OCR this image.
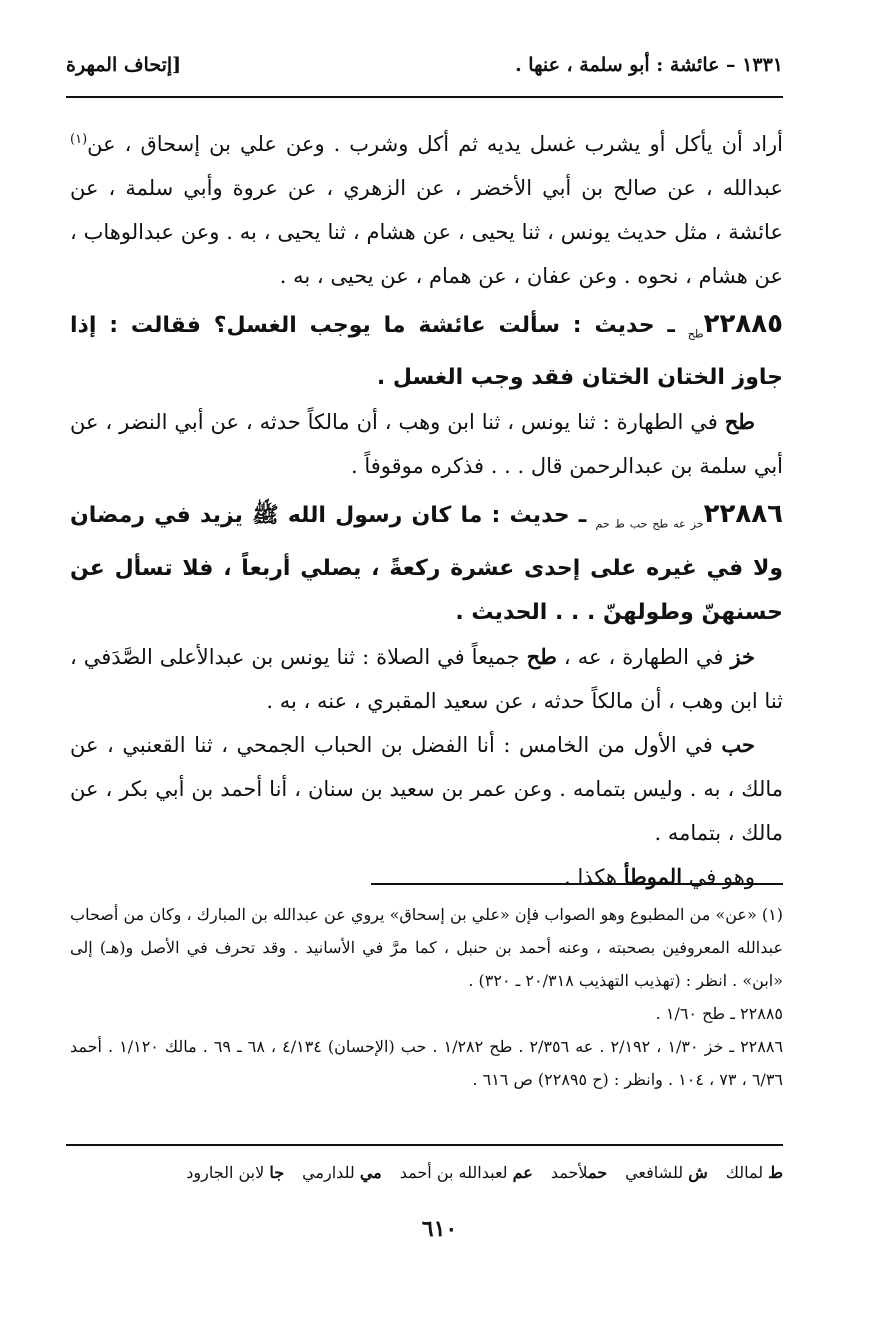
١٣٣١ – عائشة : أبو سلمة ، عنها .
[إتحاف المهرة

أراد أن يأكل أو يشرب غسل يديه ثم أكل وشرب . وعن علي بن إسحاق ، عن$^{(١)}$ عبدالله ، عن صالح بن أبي الأخضر ، عن الزهري ، عن عروة وأبي سلمة ، عن عائشة ، مثل حديث يونس ، ثنا يحيى ، عن هشام ، ثنا يحيى ، به . وعن عبدالوهاب ، عن هشام ، نحوه . وعن عفان ، عن همام ، عن يحيى ، به .

$٢٢٨٨٥_{طح}$ ـ حديث : سألت عائشة ما يوجب الغسل؟ فقالت : إذا جاوز الختان الختان فقد وجب الغسل .

طح في الطهارة : ثنا يونس ، ثنا ابن وهب ، أن مالكاً حدثه ، عن أبي النضر ، عن أبي سلمة بن عبدالرحمن قال . . . فذكره موقوفاً .

$٢٢٨٨٦_{خز عه طح حب ط حم}$ ـ حديث : ما كان رسول الله ﷺ يزيد في رمضان ولا في غيره على إحدى عشرة ركعةً ، يصلي أربعاً ، فلا تسأل عن حسنهنّ وطولهنّ . . . الحديث .

خز في الطهارة ، عه ، طح جميعاً في الصلاة : ثنا يونس بن عبدالأعلى الصَّدَفي ، ثنا ابن وهب ، أن مالكاً حدثه ، عن سعيد المقبري ، عنه ، به .

حب في الأول من الخامس : أنا الفضل بن الحباب الجمحي ، ثنا القعنبي ، عن مالك ، به . وليس بتمامه . وعن عمر بن سعيد بن سنان ، أنا أحمد بن أبي بكر ، عن مالك ، بتمامه .

وهو في الموطأ هكذا .

(١) «عن» من المطبوع وهو الصواب فإن «علي بن إسحاق» يروي عن عبدالله بن المبارك ، وكان من أصحاب عبدالله المعروفين بصحبته ، وعنه أحمد بن حنبل ، كما مرَّ في الأسانيد . وقد تحرف في الأصل و(هـ) إلى «ابن» . انظر : (تهذيب التهذيب ٢٠/٣١٨ ـ ٣٢٠) .

٢٢٨٨٥ ـ طح ١/٦٠ .

٢٢٨٨٦ ـ خز ١/٣٠ ، ٢/١٩٢ . عه ٢/٣٥٦ . طح ١/٢٨٢ . حب (الإحسان) ٤/١٣٤ ، ٦٨ ـ ٦٩ . مالك ١/١٢٠ . أحمد ٦/٣٦ ، ٧٣ ، ١٠٤ . وانظر : (ح ٢٢٨٩٥) ص ٦١٦ .

ط لمالك
ش للشافعي
حملأحمد
عم لعبدالله بن أحمد
مي للدارمي
جا لابن الجارود
٦١٠
